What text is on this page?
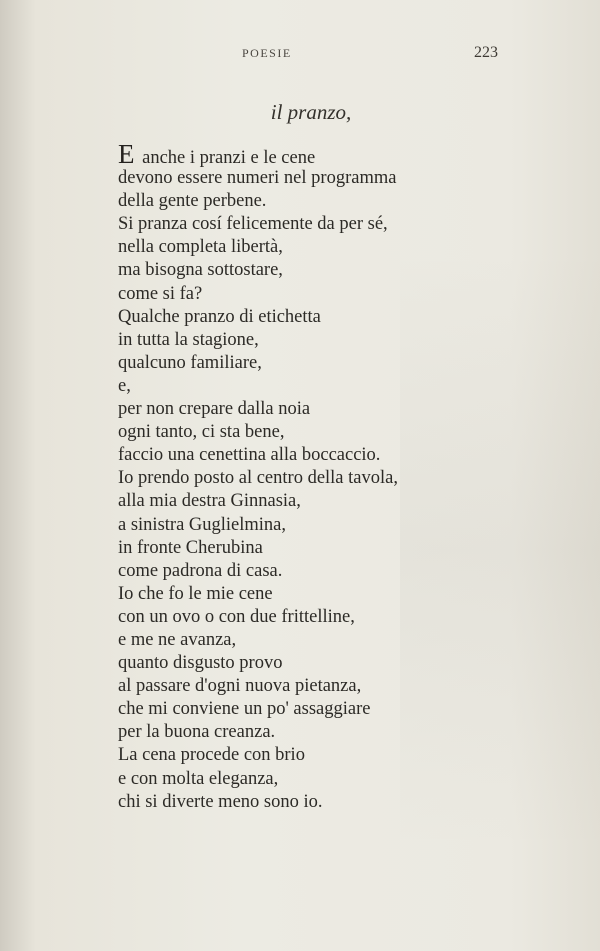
POESIE	223
il pranzo,
E anche i pranzi e le cene
devono essere numeri nel programma
della gente perbene.
Si pranza cosí felicemente da per sé,
nella completa libertà,
ma bisogna sottostare,
come si fa?
Qualche pranzo di etichetta
in tutta la stagione,
qualcuno familiare,
e,
per non crepare dalla noia
ogni tanto, ci sta bene,
faccio una cenettina alla boccaccio.
Io prendo posto al centro della tavola,
alla mia destra Ginnasia,
a sinistra Guglielmina,
in fronte Cherubina
come padrona di casa.
Io che fo le mie cene
con un ovo o con due frittelline,
e me ne avanza,
quanto disgusto provo
al passare d'ogni nuova pietanza,
che mi conviene un po' assaggiare
per la buona creanza.
La cena procede con brio
e con molta eleganza,
chi si diverte meno sono io.
